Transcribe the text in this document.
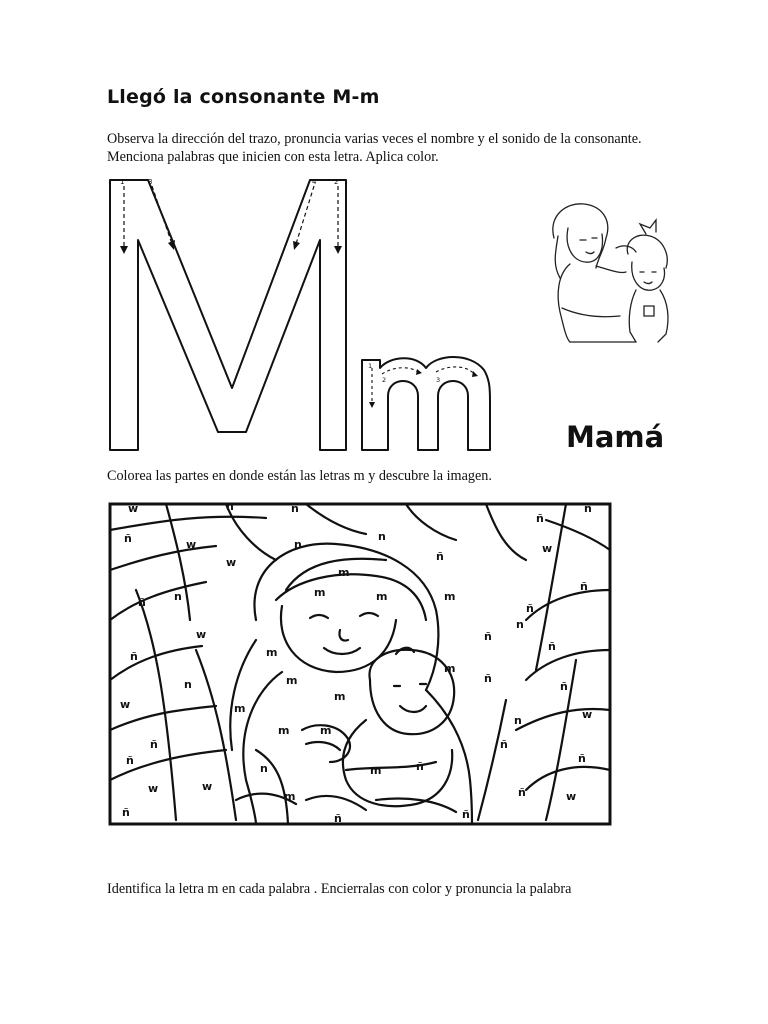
Llegó la consonante M-m
Observa la dirección del trazo, pronuncia varias veces el nombre y el sonido de la consonante. Menciona palabras que inicien con esta letra. Aplica color.
1	3	4	2
1
2	3
Mamá
Colorea las partes en donde están las letras m y descubre la imagen.
w	n	ñ
ñ
ñ
ñ	w	n
n
ñ
w
w
m
m
ñ
ñ	n	m	m
ñ
w	ñ
n
ñ	m	ñ
n	m
m
ñ
ñ
w	m
m
n	w
ñ
m	m
ñ
ñ
n	m	ñ
ñ
w	w
m	ñ	w
ñ	ñ	ñ
Identifica la letra m en cada palabra . Encierralas con color y pronuncia la palabra
